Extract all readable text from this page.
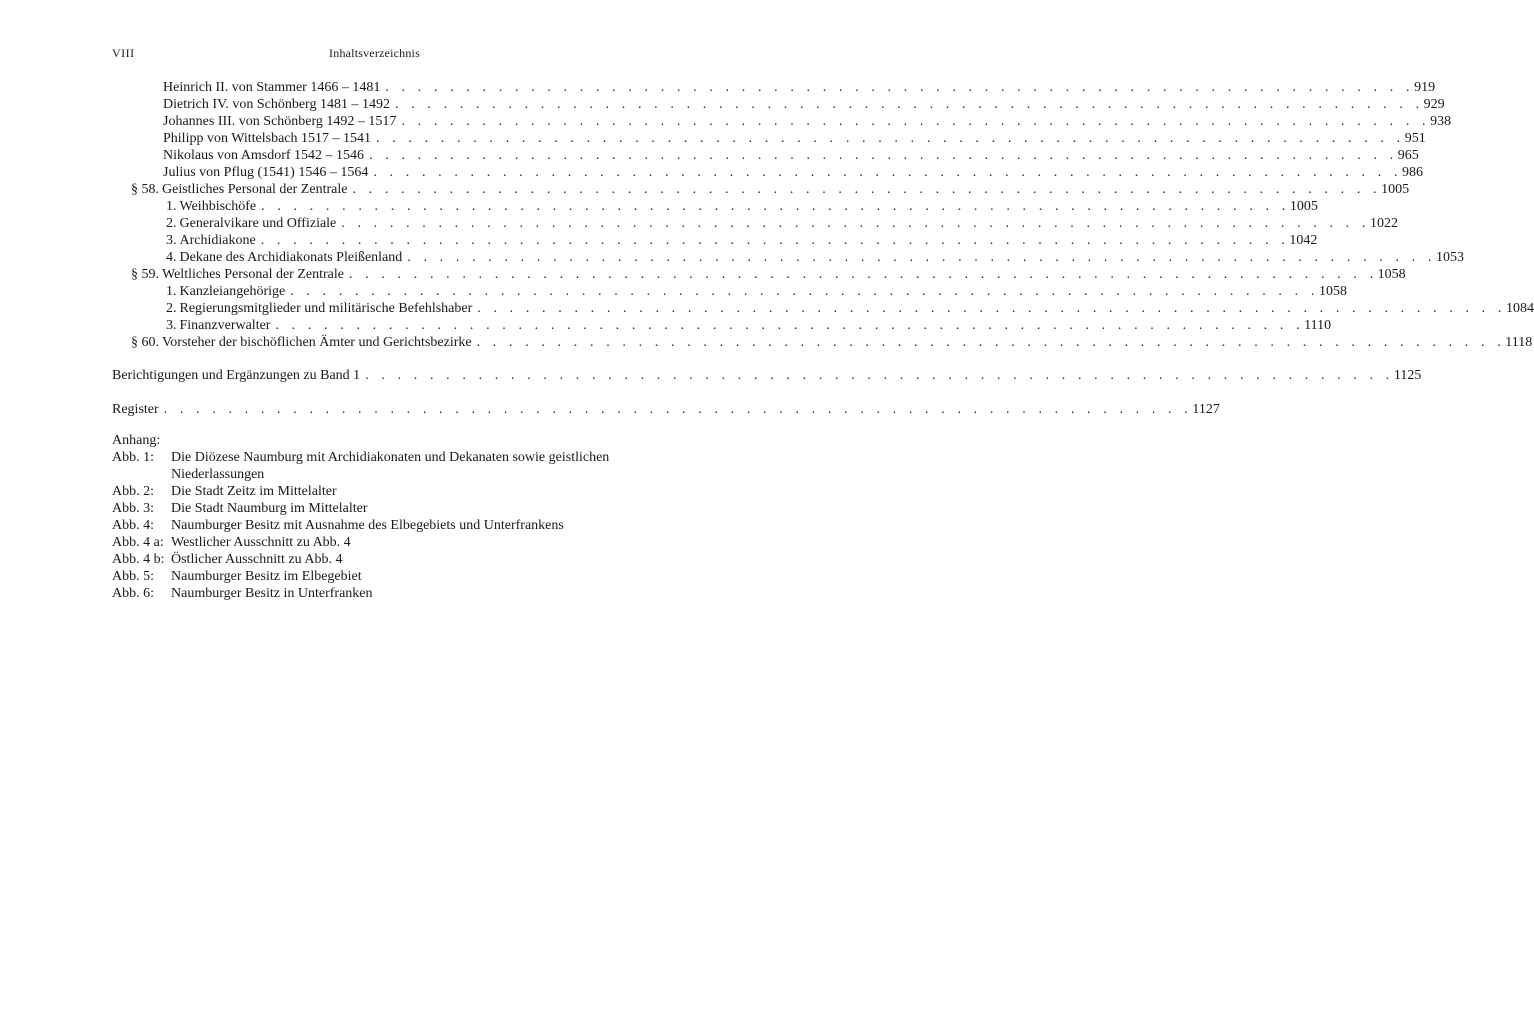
VIII	Inhaltsverzeichnis
Heinrich II. von Stammer 1466 – 1481 . . . . . . . . . . . . . . . . . . . . . . . . . . . . . . . . . . . . . . . . . . . . . . . . . . . . . . . . . . . . . . . . 919
Dietrich IV. von Schönberg 1481 – 1492 . . . . . . . . . . . . . . . . . . . . . . . . . . . . . . . . . . . . . . . . . . . . . . . . . . . . . . . . . . . . . . . . 929
Johannes III. von Schönberg 1492 – 1517 . . . . . . . . . . . . . . . . . . . . . . . . . . . . . . . . . . . . . . . . . . . . . . . . . . . . . . . . . . . . . . . . 938
Philipp von Wittelsbach 1517 – 1541 . . . . . . . . . . . . . . . . . . . . . . . . . . . . . . . . . . . . . . . . . . . . . . . . . . . . . . . . . . . . . . . . 951
Nikolaus von Amsdorf 1542 – 1546 . . . . . . . . . . . . . . . . . . . . . . . . . . . . . . . . . . . . . . . . . . . . . . . . . . . . . . . . . . . . . . . . 965
Julius von Pflug (1541) 1546 – 1564 . . . . . . . . . . . . . . . . . . . . . . . . . . . . . . . . . . . . . . . . . . . . . . . . . . . . . . . . . . . . . . . . 986
§ 58. Geistliches Personal der Zentrale . . . . . . . . . . . . . . . . . . . . . . . . . . . . . . . . . . . . . . . . . . . . . . . . . . . . . . . . . . . . . . . . 1005
1. Weihbischöfe . . . . . . . . . . . . . . . . . . . . . . . . . . . . . . . . . . . . . . . . . . . . . . . . . . . . . . . . . . . . . . . . 1005
2. Generalvikare und Offiziale . . . . . . . . . . . . . . . . . . . . . . . . . . . . . . . . . . . . . . . . . . . . . . . . . . . . . . . . . . . . . . . . 1022
3. Archidiakone . . . . . . . . . . . . . . . . . . . . . . . . . . . . . . . . . . . . . . . . . . . . . . . . . . . . . . . . . . . . . . . . 1042
4. Dekane des Archidiakonats Pleißenland . . . . . . . . . . . . . . . . . . . . . . . . . . . . . . . . . . . . . . . . . . . . . . . . . . . . . . . . . . . . . . . . 1053
§ 59. Weltliches Personal der Zentrale . . . . . . . . . . . . . . . . . . . . . . . . . . . . . . . . . . . . . . . . . . . . . . . . . . . . . . . . . . . . . . . . 1058
1. Kanzleiangehörige . . . . . . . . . . . . . . . . . . . . . . . . . . . . . . . . . . . . . . . . . . . . . . . . . . . . . . . . . . . . . . . . 1058
2. Regierungsmitglieder und militärische Befehlshaber . . . . . . . . . . . . . . . . . . . . . . . . . . . . . . . . . . . . . . . . . . . . . . . . . . . . . . . . . . . . . . . . 1084
3. Finanzverwalter . . . . . . . . . . . . . . . . . . . . . . . . . . . . . . . . . . . . . . . . . . . . . . . . . . . . . . . . . . . . . . . . 1110
§ 60. Vorsteher der bischöflichen Ämter und Gerichtsbezirke . . . . . . . . . . . . . . . . . . . . . . . . . . . . . . . . . . . . . . . . . . . . . . . . . . . . . . . . . . . . . . . . 1118
Berichtigungen und Ergänzungen zu Band 1 . . . . . . . . . . . . . . . . . . . . . . . . . . . . . . . . . . . . . . . . . . . . . . . . . . . . . . . . . . . . . . . . 1125
Register . . . . . . . . . . . . . . . . . . . . . . . . . . . . . . . . . . . . . . . . . . . . . . . . . . . . . . . . . . . . . . . . 1127
Anhang:
Abb. 1:	Die Diözese Naumburg mit Archidiakonaten und Dekanaten sowie geistlichen Niederlassungen
Abb. 2:	Die Stadt Zeitz im Mittelalter
Abb. 3:	Die Stadt Naumburg im Mittelalter
Abb. 4:	Naumburger Besitz mit Ausnahme des Elbegebiets und Unterfrankens
Abb. 4 a: Westlicher Ausschnitt zu Abb. 4
Abb. 4 b: Östlicher Ausschnitt zu Abb. 4
Abb. 5:	Naumburger Besitz im Elbegebiet
Abb. 6:	Naumburger Besitz in Unterfranken
